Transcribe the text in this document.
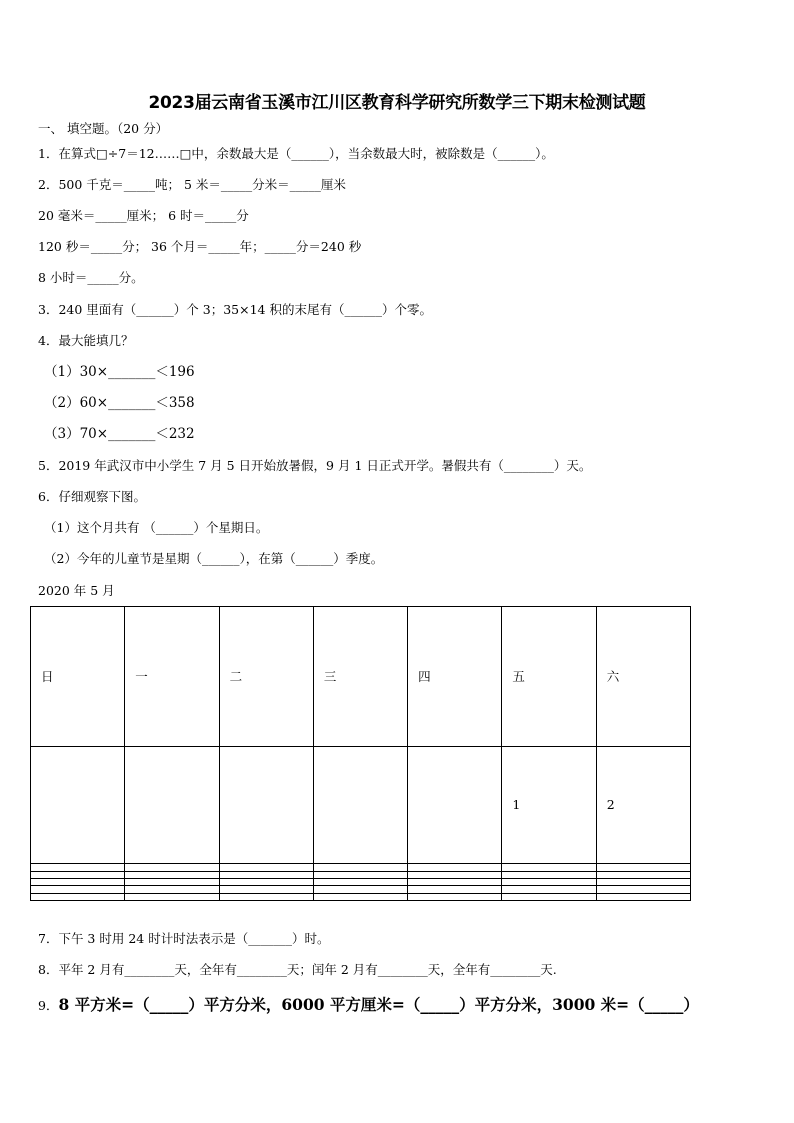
2023届云南省玉溪市江川区教育科学研究所数学三下期末检测试题
一、 填空题。（20 分）
1．在算式□÷7＝12……□中，余数最大是（______），当余数最大时，被除数是（______）。
2．500 千克＝_____吨； 5 米＝_____分米＝_____厘米
20 毫米＝_____厘米； 6 时＝_____分
120 秒＝_____分； 36 个月＝_____年；_____分＝240 秒
8 小时＝_____分。
3．240 里面有（______）个 3；35×14 积的末尾有（______）个零。
4．最大能填几？
（1）30×_______＜196
（2）60×_______＜358
（3）70×_______＜232
5．2019 年武汉市中小学生 7 月 5 日开始放暑假，9 月 1 日正式开学。暑假共有（________）天。
6．仔细观察下图。
（1）这个月共有 （______）个星期日。
（2）今年的儿童节是星期（______），在第（______）季度。
2020 年 5 月
日	一	二	三	四	五	六
					1	2

7．下午 3 时用 24 时计时法表示是（_______）时。
8．平年 2 月有________天，全年有________天；闰年 2 月有________天，全年有________天.
9．8 平方米=（_____）平方分米，6000 平方厘米=（_____）平方分米，3000 米=（_____）
